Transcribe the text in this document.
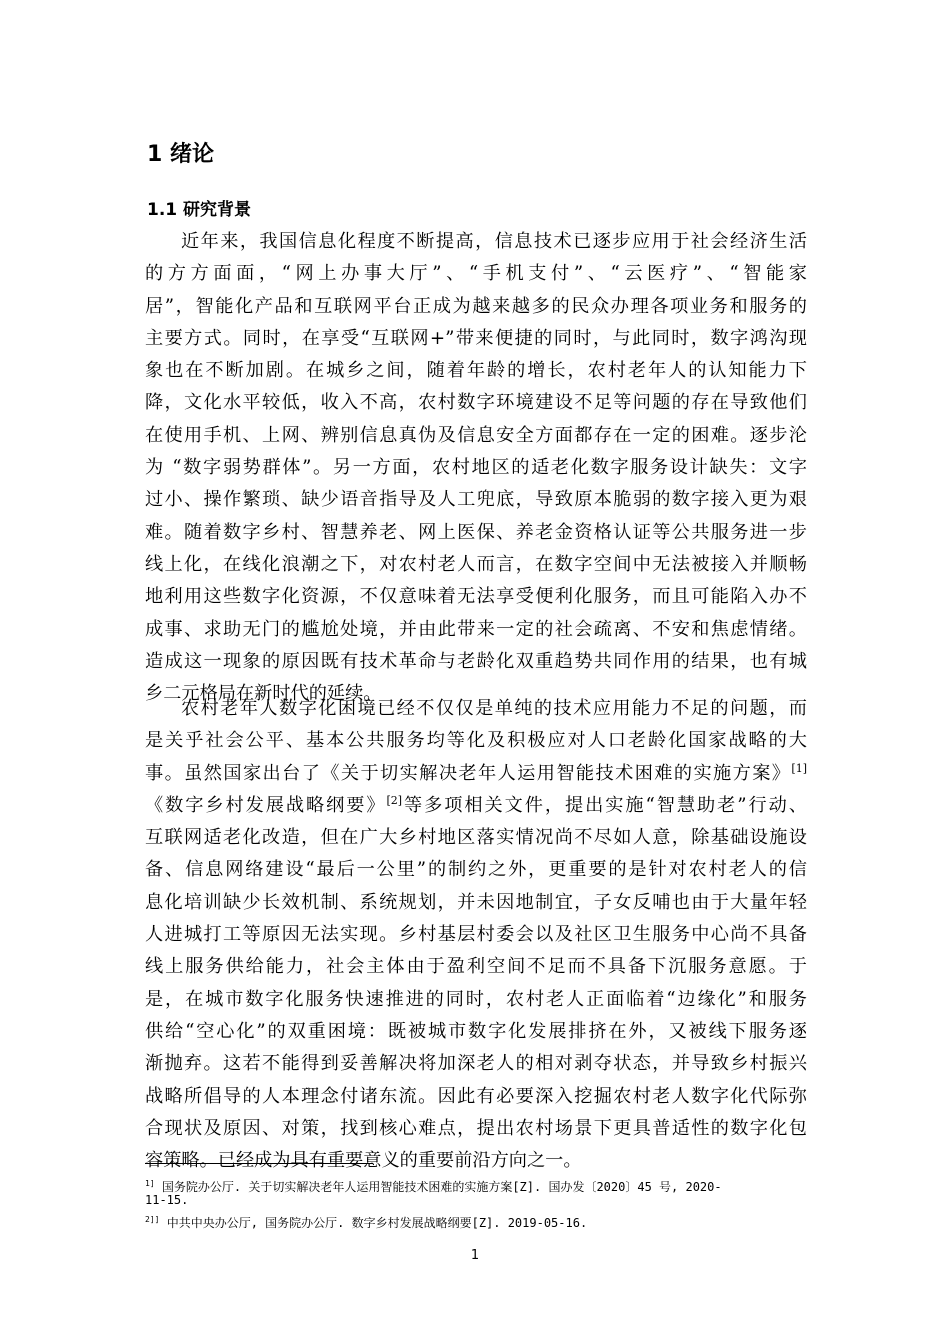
1 绪论
1.1 研究背景
近年来，我国信息化程度不断提高，信息技术已逐步应用于社会经济生活
的方方面面，“网上办事大厅”、“手机支付”、“云医疗”、“智能家
居”，智能化产品和互联网平台正成为越来越多的民众办理各项业务和服务的
主要方式。同时，在享受“互联网+”带来便捷的同时，与此同时，数字鸿沟现
象也在不断加剧。在城乡之间，随着年龄的增长，农村老年人的认知能力下
降，文化水平较低，收入不高，农村数字环境建设不足等问题的存在导致他们
在使用手机、上网、辨别信息真伪及信息安全方面都存在一定的困难。逐步沦
为 “数字弱势群体”。另一方面，农村地区的适老化数字服务设计缺失：文字
过小、操作繁琐、缺少语音指导及人工兜底，导致原本脆弱的数字接入更为艰
难。随着数字乡村、智慧养老、网上医保、养老金资格认证等公共服务进一步
线上化，在线化浪潮之下，对农村老人而言，在数字空间中无法被接入并顺畅
地利用这些数字化资源，不仅意味着无法享受便利化服务，而且可能陷入办不
成事、求助无门的尴尬处境，并由此带来一定的社会疏离、不安和焦虑情绪。
造成这一现象的原因既有技术革命与老龄化双重趋势共同作用的结果，也有城
乡二元格局在新时代的延续。
农村老年人数字化困境已经不仅仅是单纯的技术应用能力不足的问题，而
是关乎社会公平、基本公共服务均等化及积极应对人口老龄化国家战略的大
事。虽然国家出台了《关于切实解决老年人运用智能技术困难的实施方案》[1]
《数字乡村发展战略纲要》[2]等多项相关文件，提出实施“智慧助老”行动、
互联网适老化改造，但在广大乡村地区落实情况尚不尽如人意，除基础设施设
备、信息网络建设“最后一公里”的制约之外，更重要的是针对农村老人的信
息化培训缺少长效机制、系统规划，并未因地制宜，子女反哺也由于大量年轻
人进城打工等原因无法实现。乡村基层村委会以及社区卫生服务中心尚不具备
线上服务供给能力，社会主体由于盈利空间不足而不具备下沉服务意愿。于
是，在城市数字化服务快速推进的同时，农村老人正面临着“边缘化”和服务
供给“空心化”的双重困境：既被城市数字化发展排挤在外，又被线下服务逐
渐抛弃。这若不能得到妥善解决将加深老人的相对剥夺状态，并导致乡村振兴
战略所倡导的人本理念付诸东流。因此有必要深入挖掘农村老人数字化代际弥
合现状及原因、对策，找到核心难点，提出农村场景下更具普适性的数字化包
容策略。已经成为具有重要意义的重要前沿方向之一。
$^{1]}$ 国务院办公厅. 关于切实解决老年人运用智能技术困难的实施方案[Z]. 国办发〔2020〕45 号, 2020-
11-15.
$^{2]]}$ 中共中央办公厅, 国务院办公厅. 数字乡村发展战略纲要[Z]. 2019-05-16.
1
